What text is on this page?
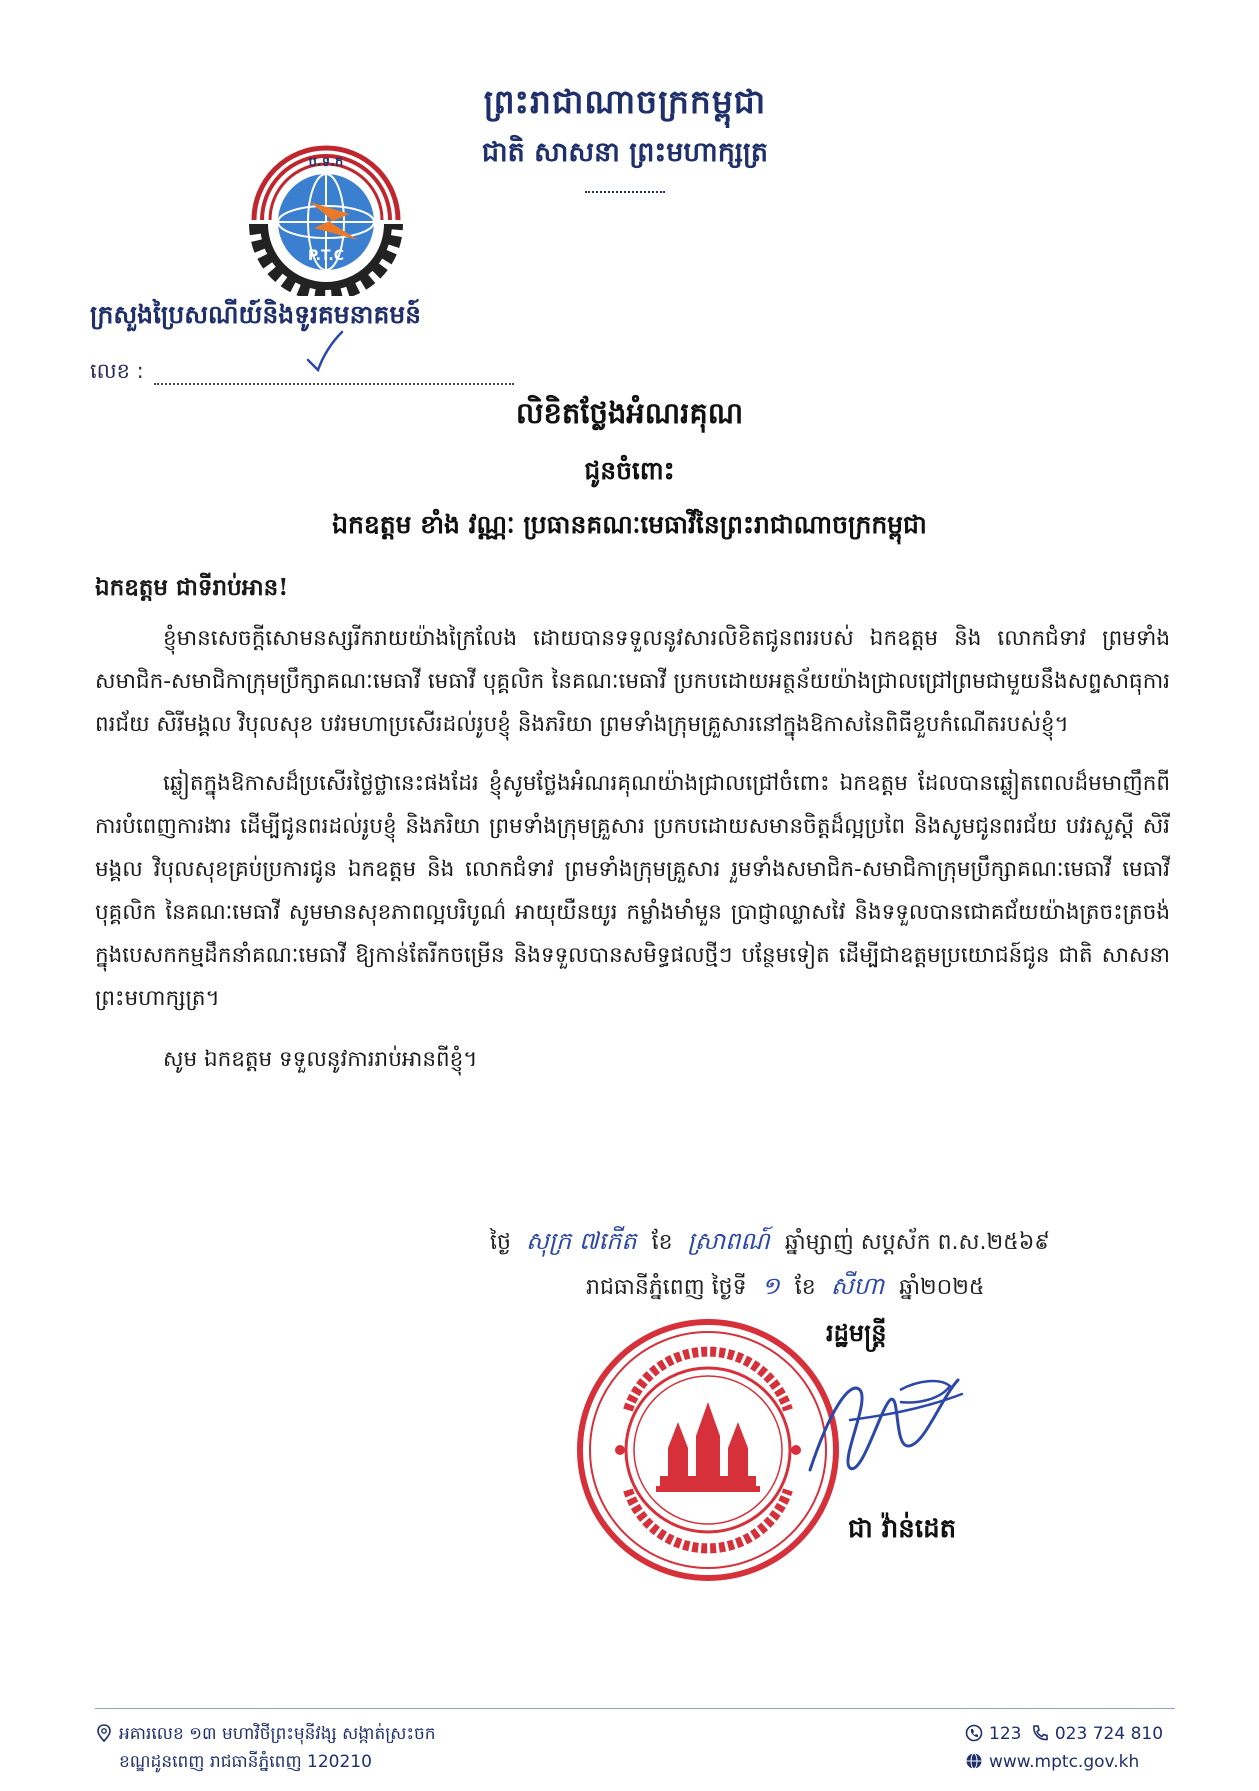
ព្រះរាជាណាចក្រកម្ពុជា
ជាតិ សាសនា ព្រះមហាក្សត្រ
ប.ទ.ក
P.T.C
ក្រសួងប្រៃសណីយ៍និងទូរគមនាគមន៍
លេខ :
លិខិតថ្លែងអំណរគុណ
ជូនចំពោះ
ឯកឧត្តម ខាំង វណ្ណៈ ប្រធានគណៈមេធាវីនៃព្រះរាជាណាចក្រកម្ពុជា
ឯកឧត្តម ជាទីរាប់អាន!

ខ្ញុំមានសេចក្ដីសោមនស្សរីករាយយ៉ាងក្រៃលែង ដោយបានទទួលនូវសារលិខិតជូនពររបស់ ឯកឧត្តម និង លោកជំទាវ ព្រមទាំងសមាជិក-សមាជិកាក្រុមប្រឹក្សាគណៈមេធាវី មេធាវី បុគ្គលិក នៃគណៈមេធាវី ប្រកបដោយអត្ថន័យយ៉ាងជ្រាលជ្រៅព្រមជាមួយនឹងសព្ទសាធុការពរជ័យ សិរីមង្គល វិបុលសុខ បវរមហាប្រសើរដល់រូបខ្ញុំ និងភរិយា ព្រមទាំងក្រុមគ្រួសារនៅក្នុងឱកាសនៃពិធីខួបកំណើតរបស់ខ្ញុំ។

ឆ្លៀតក្នុងឱកាសដ៏ប្រសើរថ្លៃថ្លានេះផងដែរ ខ្ញុំសូមថ្លែងអំណរគុណយ៉ាងជ្រាលជ្រៅចំពោះ ឯកឧត្តម ដែលបានឆ្លៀតពេលដ៏មមាញឹកពីការបំពេញការងារ ដើម្បីជូនពរដល់រូបខ្ញុំ និងភរិយា ព្រមទាំងក្រុមគ្រួសារ ប្រកបដោយសមានចិត្តដ៏ល្អប្រពៃ និងសូមជូនពរជ័យ បវរសួស្ដី សិរីមង្គល វិបុលសុខគ្រប់ប្រការជូន ឯកឧត្តម និង លោកជំទាវ ព្រមទាំងក្រុមគ្រួសារ រួមទាំងសមាជិក-សមាជិកាក្រុមប្រឹក្សាគណៈមេធាវី មេធាវី បុគ្គលិក នៃគណៈមេធាវី សូមមានសុខភាពល្អបរិបូណ៌ អាយុយឺនយូរ កម្លាំងមាំមួន ប្រាជ្ញាឈ្លាសវៃ និងទទួលបានជោគជ័យយ៉ាងត្រចះត្រចង់ក្នុងបេសកកម្មដឹកនាំគណៈមេធាវី ឱ្យកាន់តែរីកចម្រើន និងទទួលបានសមិទ្ធផលថ្មីៗ បន្ថែមទៀត ដើម្បីជាឧត្តមប្រយោជន៍ជូន ជាតិ សាសនា ព្រះមហាក្សត្រ។

សូម ឯកឧត្តម ទទួលនូវការរាប់អានពីខ្ញុំ។

ថ្ងៃ សុក្រ ៧កើត ខែ ស្រាពណ៍ ឆ្នាំម្សាញ់ សប្តស័ក ព.ស.២៥៦៩
រាជធានីភ្នំពេញ ថ្ងៃទី ១ ខែ សីហា ឆ្នាំ២០២៥
រដ្ឋមន្ត្រី
ជា វ៉ាន់ដេត
អគារលេខ ១៣ មហាវិថីព្រះមុនីវង្ស សង្កាត់ស្រះចក
ខណ្ឌដូនពេញ រាជធានីភ្នំពេញ 120210
123 023 724 810
www.mptc.gov.kh
